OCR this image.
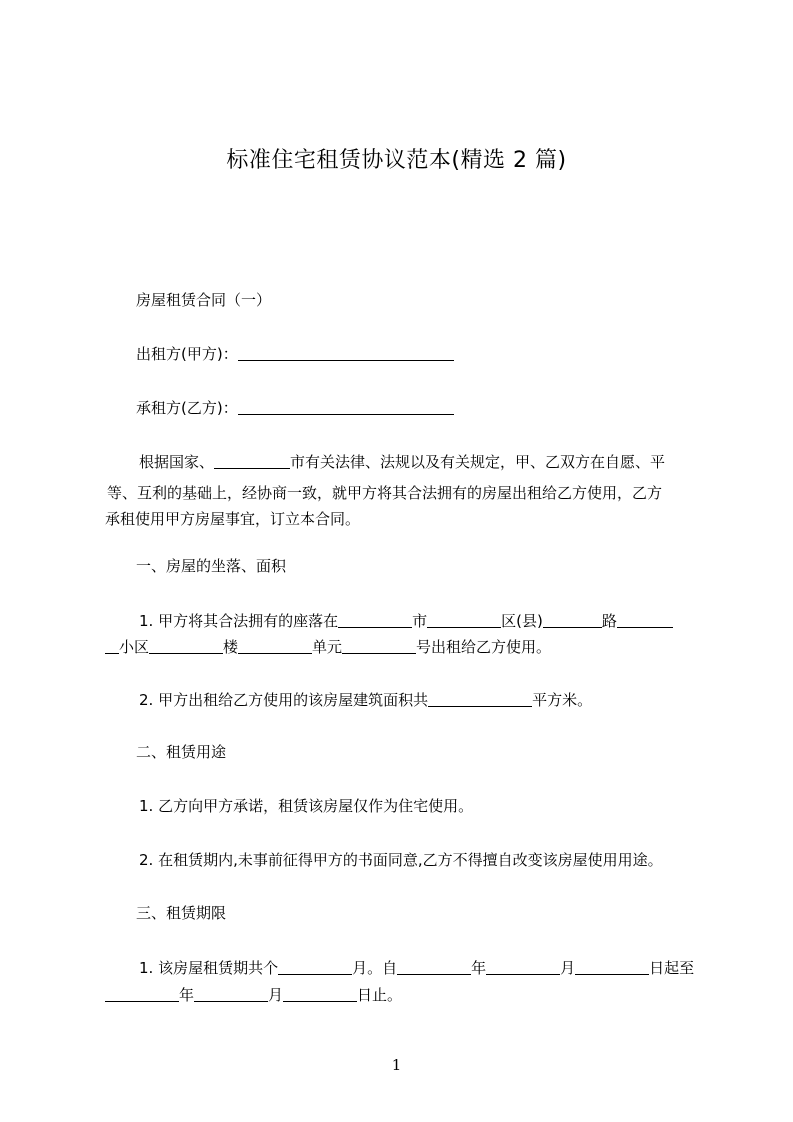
标准住宅租赁协议范本(精选 2 篇)
房屋租赁合同（一）
出租方(甲方)：
承租方(乙方)：
根据国家、	市有关法律、法规以及有关规定，甲、乙双方在自愿、平
等、互利的基础上，经协商一致，就甲方将其合法拥有的房屋出租给乙方使用，乙方
承租使用甲方房屋事宜，订立本合同。
一、房屋的坐落、面积
1. 甲方将其合法拥有的座落在	市	区(县)	路
小区	楼	单元	号出租给乙方使用。
2. 甲方出租给乙方使用的该房屋建筑面积共	平方米。
二、租赁用途
1. 乙方向甲方承诺，租赁该房屋仅作为住宅使用。
2. 在租赁期内,未事前征得甲方的书面同意,乙方不得擅自改变该房屋使用用途。
三、租赁期限
1. 该房屋租赁期共个	月。自	年	月	日起至
年	月	日止。
1
